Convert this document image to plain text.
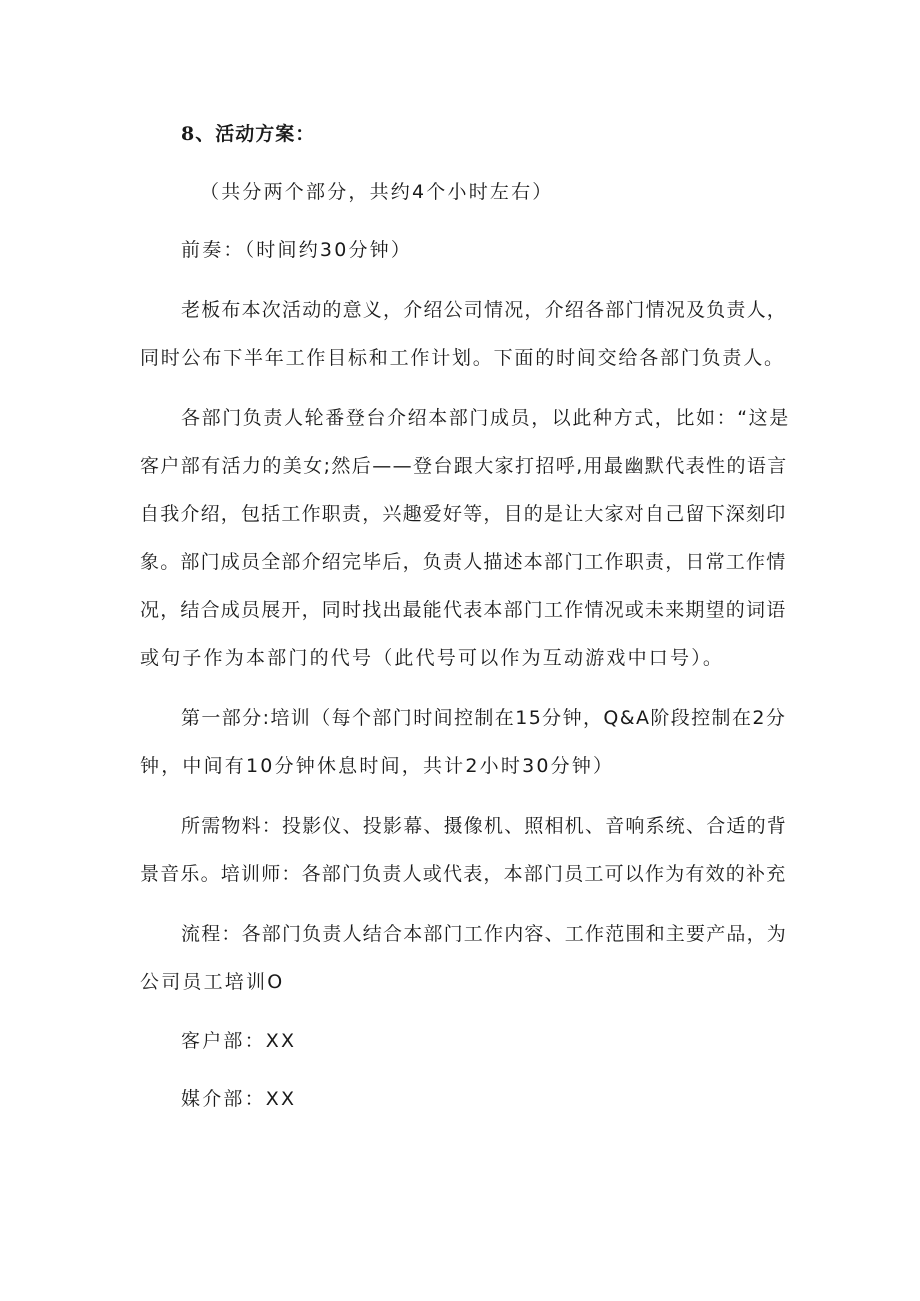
8、活动方案：
（共分两个部分，共约4个小时左右）
前奏：（时间约30分钟）
老板布本次活动的意义，介绍公司情况，介绍各部门情况及负责人，
同时公布下半年工作目标和工作计划。下面的时间交给各部门负责人。
各部门负责人轮番登台介绍本部门成员，以此种方式，比如：“这是
客户部有活力的美女;然后——登台跟大家打招呼,用最幽默代表性的语言
自我介绍，包括工作职责，兴趣爱好等，目的是让大家对自己留下深刻印
象。部门成员全部介绍完毕后，负责人描述本部门工作职责，日常工作情
况，结合成员展开，同时找出最能代表本部门工作情况或未来期望的词语
或句子作为本部门的代号（此代号可以作为互动游戏中口号）。
第一部分:培训（每个部门时间控制在15分钟，Q&A阶段控制在2分
钟，中间有10分钟休息时间，共计2小时30分钟）
所需物料：投影仪、投影幕、摄像机、照相机、音响系统、合适的背
景音乐。培训师：各部门负责人或代表，本部门员工可以作为有效的补充
流程：各部门负责人结合本部门工作内容、工作范围和主要产品，为
公司员工培训O
客户部：XX
媒介部：XX
